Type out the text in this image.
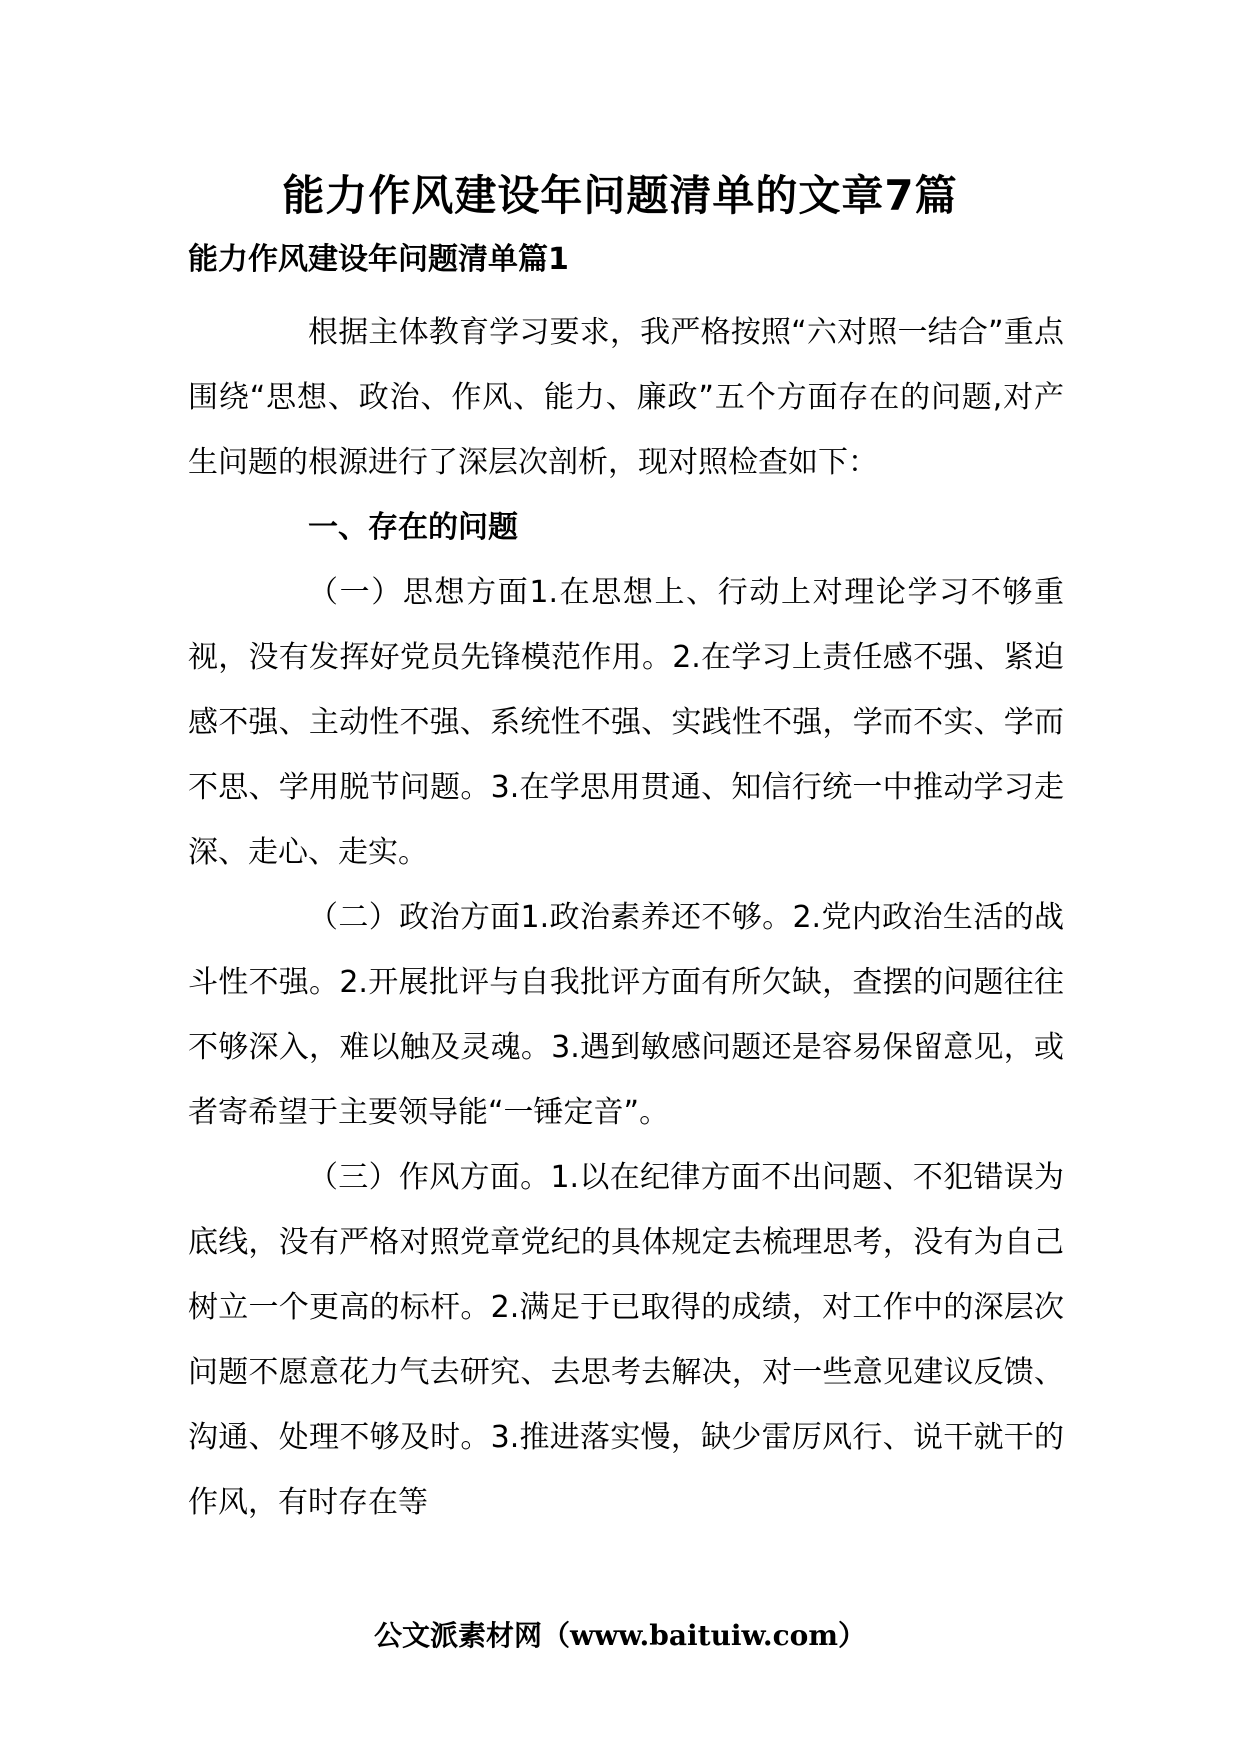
能力作风建设年问题清单的文章7篇
能力作风建设年问题清单篇1

根据主体教育学习要求，我严格按照“六对照一结合”重点围绕“思想、政治、作风、能力、廉政”五个方面存在的问题,对产生问题的根源进行了深层次剖析，现对照检查如下：

一、存在的问题

（一）思想方面1.在思想上、行动上对理论学习不够重视，没有发挥好党员先锋模范作用。2.在学习上责任感不强、紧迫感不强、主动性不强、系统性不强、实践性不强，学而不实、学而不思、学用脱节问题。3.在学思用贯通、知信行统一中推动学习走深、走心、走实。

（二）政治方面1.政治素养还不够。2.党内政治生活的战斗性不强。2.开展批评与自我批评方面有所欠缺，查摆的问题往往不够深入，难以触及灵魂。3.遇到敏感问题还是容易保留意见，或者寄希望于主要领导能“一锤定音”。

（三）作风方面。1.以在纪律方面不出问题、不犯错误为底线，没有严格对照党章党纪的具体规定去梳理思考，没有为自己树立一个更高的标杆。2.满足于已取得的成绩，对工作中的深层次问题不愿意花力气去研究、去思考去解决，对一些意见建议反馈、沟通、处理不够及时。3.推进落实慢，缺少雷厉风行、说干就干的作风，有时存在等

公文派素材网（www.baituiw.com）
